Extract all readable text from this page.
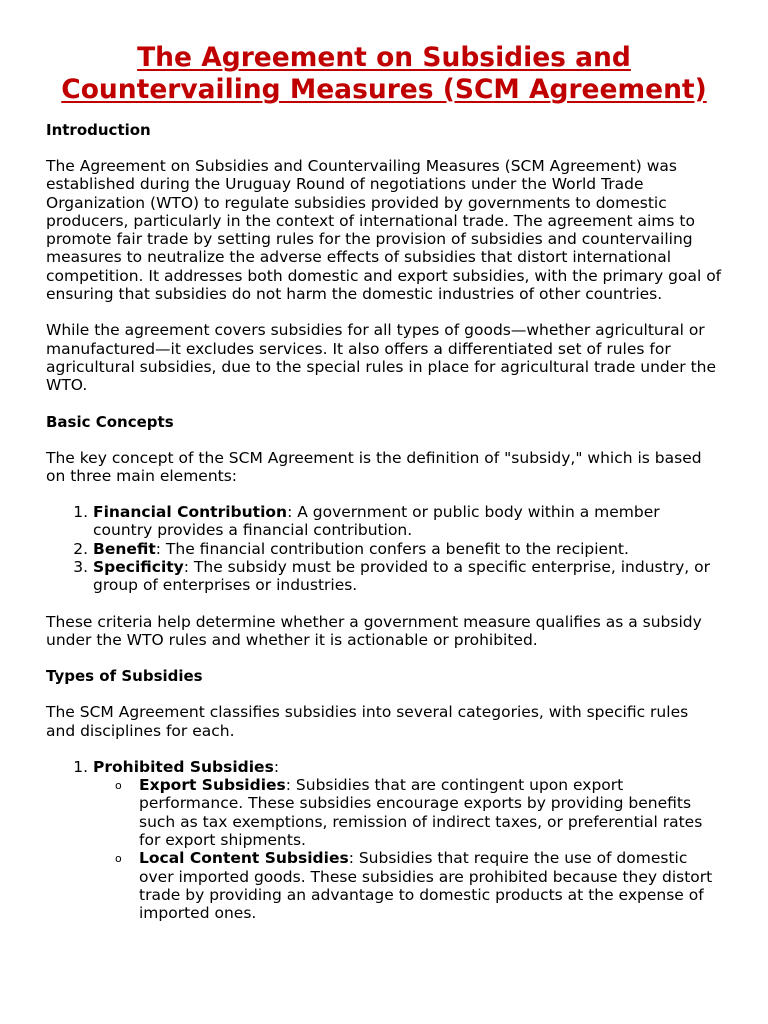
The Agreement on Subsidies and Countervailing Measures (SCM Agreement)
Introduction

The Agreement on Subsidies and Countervailing Measures (SCM Agreement) was established during the Uruguay Round of negotiations under the World Trade Organization (WTO) to regulate subsidies provided by governments to domestic producers, particularly in the context of international trade. The agreement aims to promote fair trade by setting rules for the provision of subsidies and countervailing measures to neutralize the adverse effects of subsidies that distort international competition. It addresses both domestic and export subsidies, with the primary goal of ensuring that subsidies do not harm the domestic industries of other countries.

While the agreement covers subsidies for all types of goods—whether agricultural or manufactured—it excludes services. It also offers a differentiated set of rules for agricultural subsidies, due to the special rules in place for agricultural trade under the WTO.

Basic Concepts

The key concept of the SCM Agreement is the definition of "subsidy," which is based on three main elements:

1. Financial Contribution: A government or public body within a member country provides a financial contribution.
2. Benefit: The financial contribution confers a benefit to the recipient.
3. Specificity: The subsidy must be provided to a specific enterprise, industry, or group of enterprises or industries.

These criteria help determine whether a government measure qualifies as a subsidy under the WTO rules and whether it is actionable or prohibited.

Types of Subsidies

The SCM Agreement classifies subsidies into several categories, with specific rules and disciplines for each.

1. Prohibited Subsidies:
o Export Subsidies: Subsidies that are contingent upon export performance. These subsidies encourage exports by providing benefits such as tax exemptions, remission of indirect taxes, or preferential rates for export shipments.
o Local Content Subsidies: Subsidies that require the use of domestic over imported goods. These subsidies are prohibited because they distort trade by providing an advantage to domestic products at the expense of imported ones.
